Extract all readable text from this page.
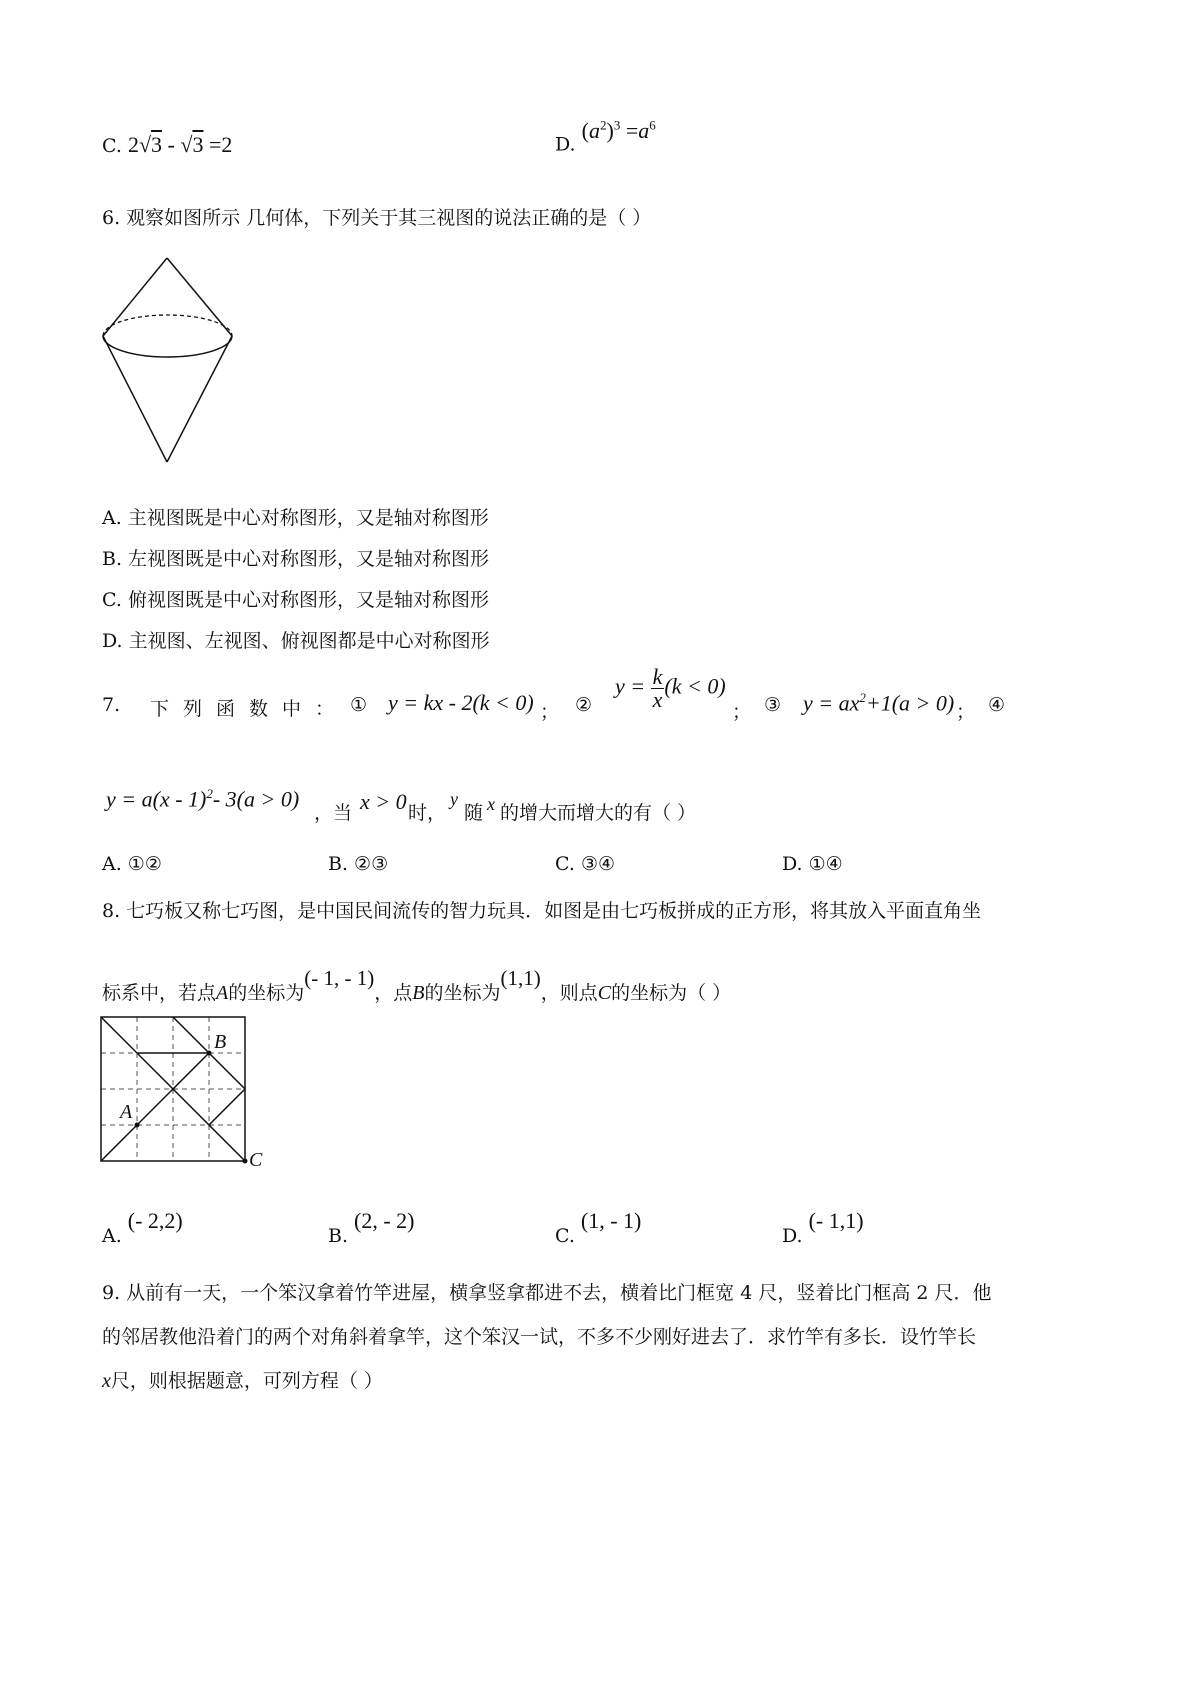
C. 2√3 - √3 =2	D. $(a^2)^3 =a^6$
6. 观察如图所示 几何体，下列关于其三视图的说法正确的是（ ）
A. 主视图既是中心对称图形，又是轴对称图形
B. 左视图既是中心对称图形，又是轴对称图形
C. 俯视图既是中心对称图形，又是轴对称图形
D. 主视图、左视图、俯视图都是中心对称图形
7. 下列函数中： ① y = kx - 2(k < 0) ； ②
$y = \frac{k}{x} (k < 0)$
； ③ $y = ax^2+1(a > 0)$ ； ④
y = a(x - 1)$^2$- 3(a > 0)
，当 x > 0 时，
y
随 x 的增大而增大的有（ ）
A. ①②	B. ②③	C. ③④	D. ①④
8. 七巧板又称七巧图，是中国民间流传的智力玩具．如图是由七巧板拼成的正方形，将其放入平面直角坐
标系中，若点A的坐标为(- 1, - 1)，点B的坐标为(1,1)，则点C的坐标为（ ）
B
A
C
A.(- 2,2)
B.(2, - 2)
C.(1, - 1)
D.(- 1,1)
9. 从前有一天，一个笨汉拿着竹竿进屋，横拿竖拿都进不去，横着比门框宽 4 尺，竖着比门框高 2 尺．他
的邻居教他沿着门的两个对角斜着拿竿，这个笨汉一试，不多不少刚好进去了．求竹竿有多长．设竹竿长
x尺，则根据题意，可列方程（ ）
